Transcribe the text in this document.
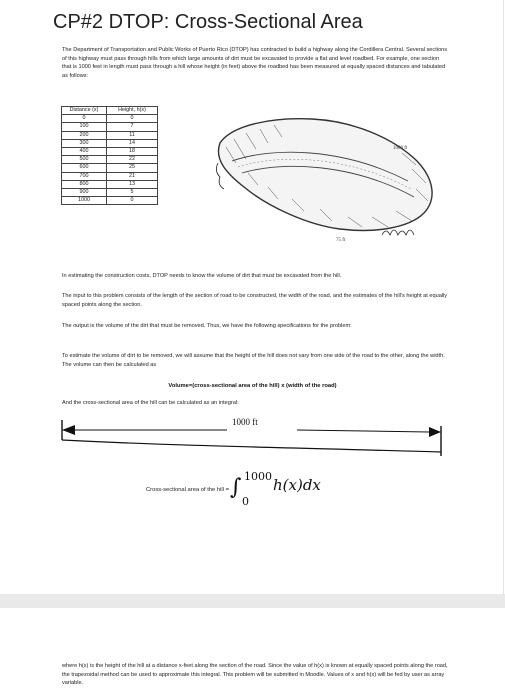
CP#2 DTOP: Cross-Sectional Area
The Department of Transportation and Public Works of Puerto Rico (DTOP) has contracted to build a highway along the Cordillera Central. Several sections of this highway must pass through hills from which large amounts of dirt must be excavated to provide a flat and level roadbed. For example, one section that is 1000 feet in length must pass through a hill whose height (in feet) above the roadbed has been measured at equally spaced distances and tabulated as follows:
Distance (x)	Height, h(x)
0	0
100	7
200	11
300	14
400	18
500	22
600	25
700	21
800	13
900	5
1000	0
1000 ft
75 ft
In estimating the construction costs, DTOP needs to know the volume of dirt that must be excavated from the hill.
The input to this problem consists of the length of the section of road to be constructed, the width of the road, and the estimates of the hill's height at equally spaced points along the section.
The output is the volume of the dirt that must be removed. Thus, we have the following specifications for the problem:
To estimate the volume of dirt to be removed, we will assume that the height of the hill does not vary from one side of the road to the other, along the width. The volume can then be calculated as
Volume=(cross-sectional area of the hill) x (width of the road)
And the cross-sectional area of the hill can be calculated as an integral:
1000 ft
Cross-sectional area of the hill = ∫ 1000
0
h(x)dx
where h(x) is the height of the hill at a distance x-feet along the section of the road. Since the value of h(x) is known at equally spaced points along the road, the trapezoidal method can be used to approximate this integral. This problem will be submitted in Moodle. Values of x and h(x) will be fed by user as array variable.
